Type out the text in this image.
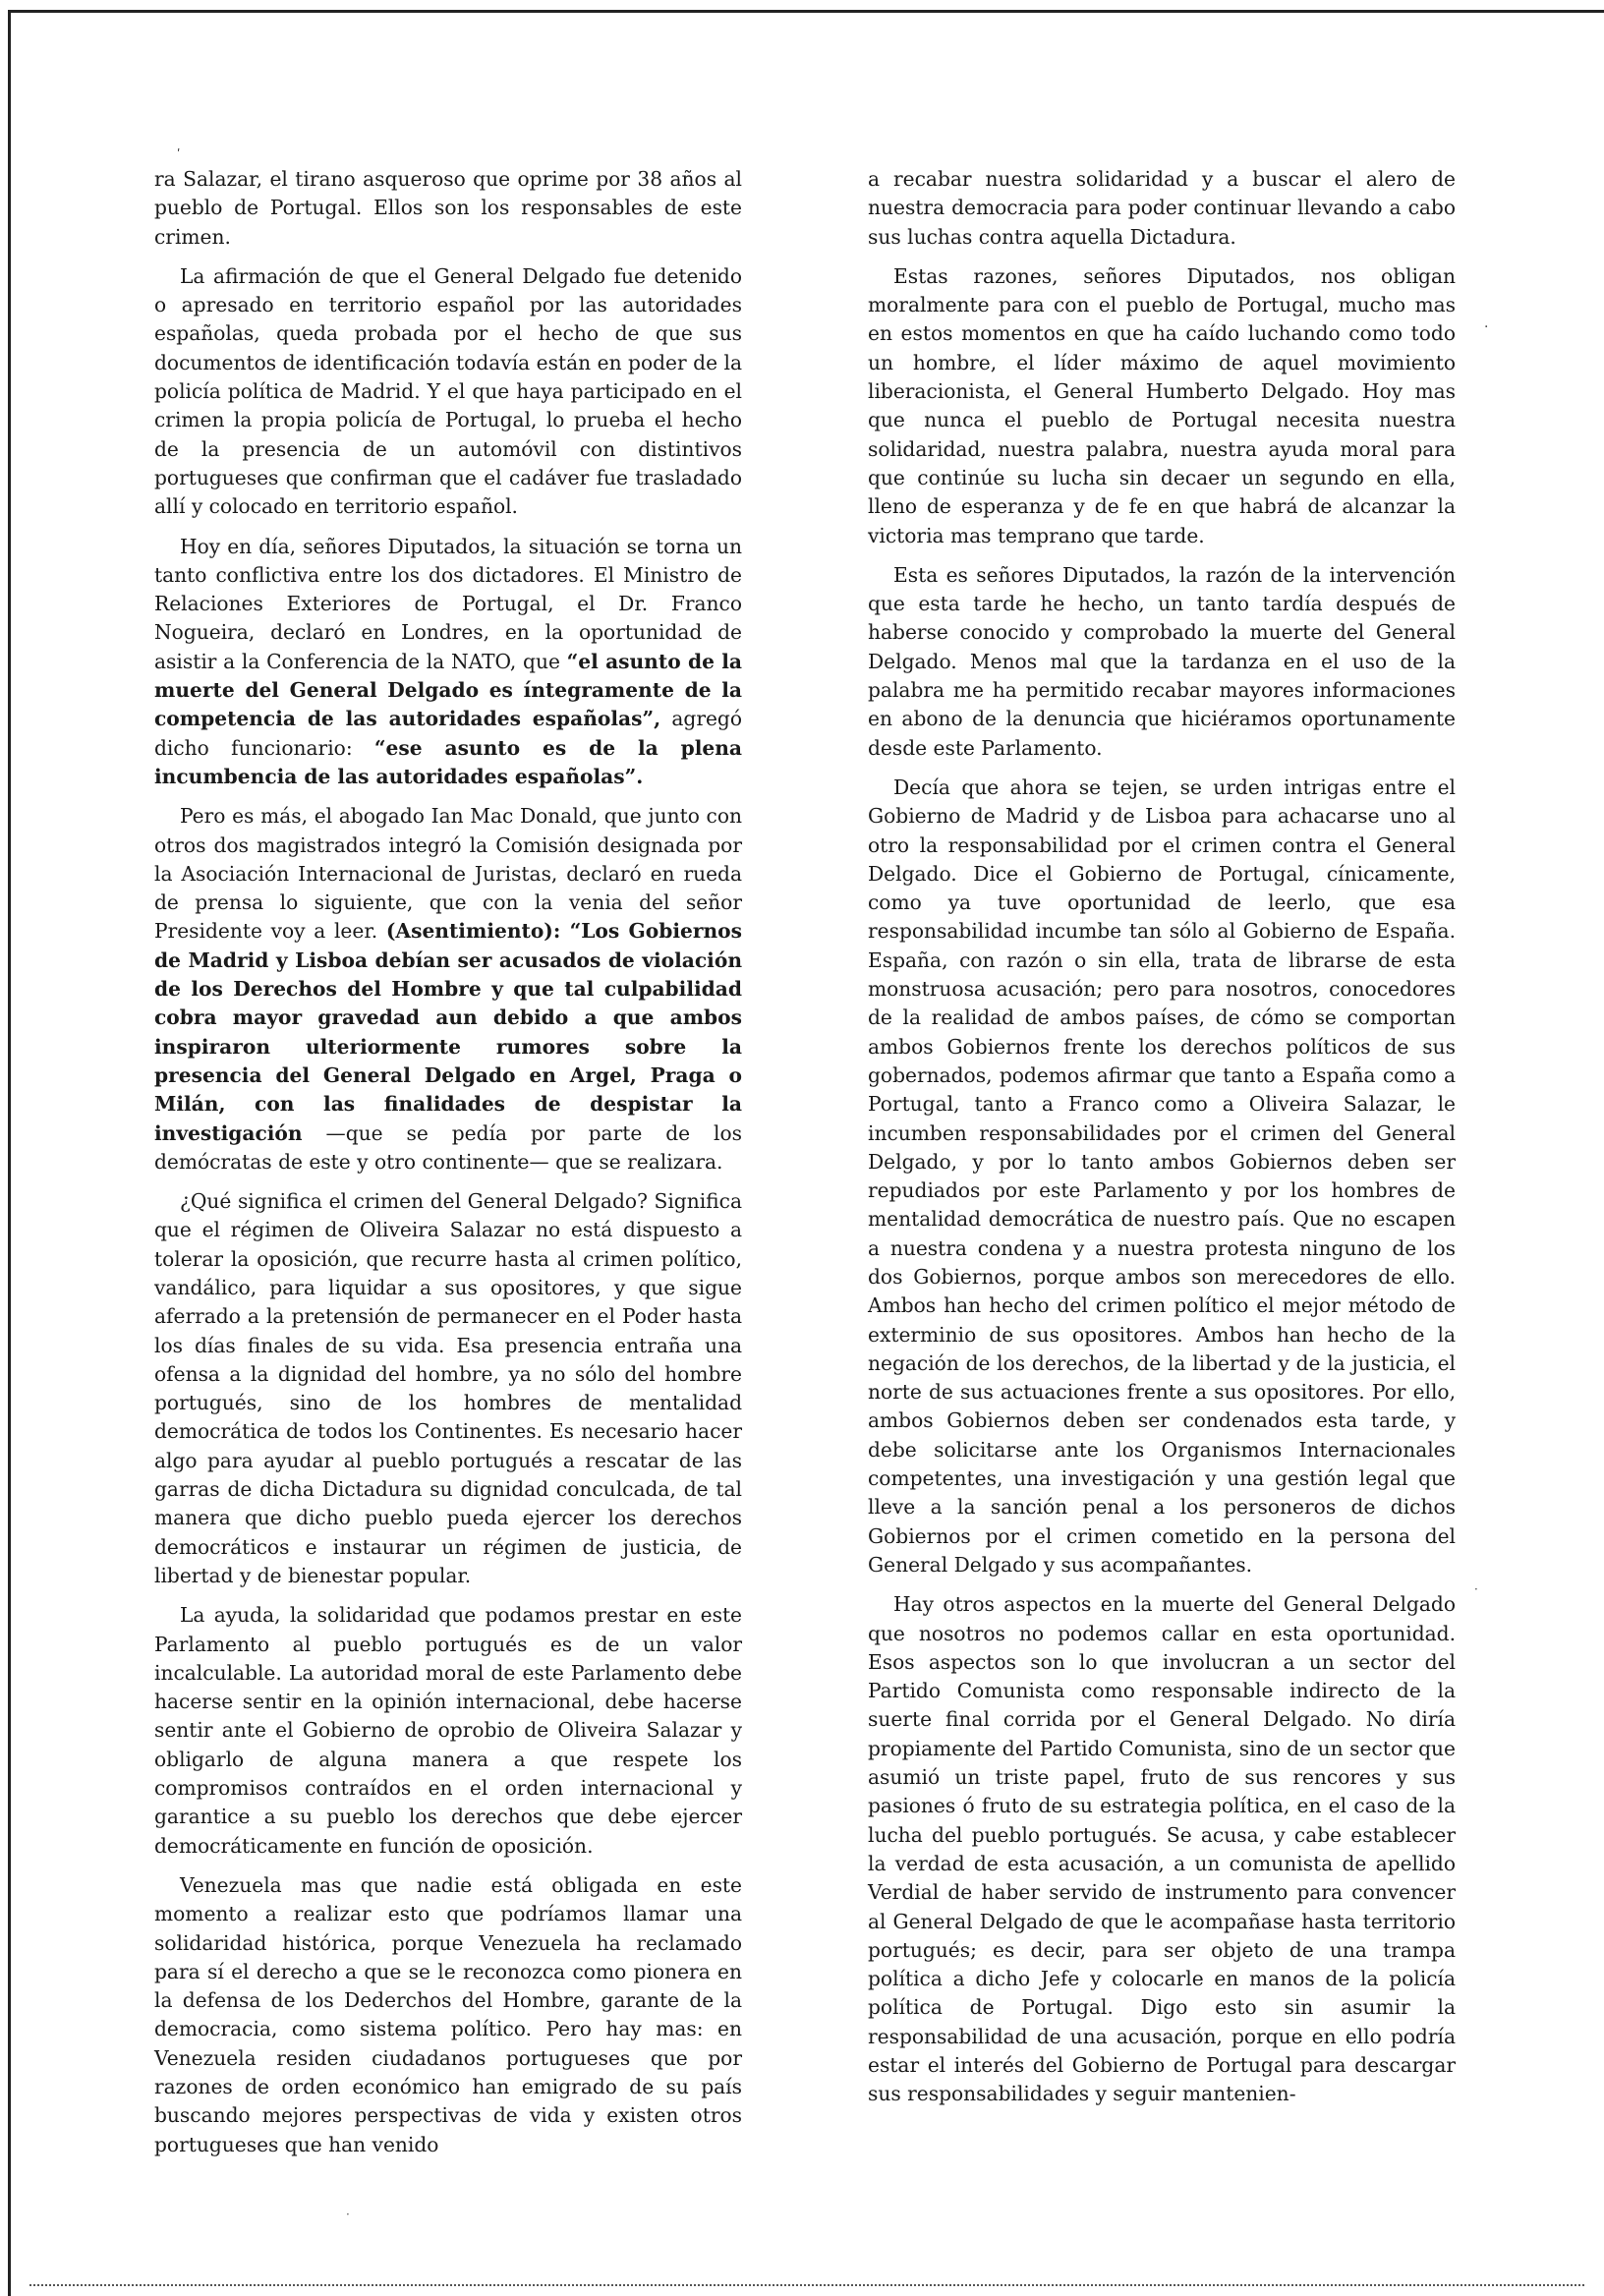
ʹ
·
·
·

ra Salazar, el tirano asqueroso que oprime por 38 años al pueblo de Portugal. Ellos son los responsables de este crimen.

La afirmación de que el General Delgado fue detenido o apresado en territorio español por las autoridades españolas, queda probada por el hecho de que sus documentos de identificación todavía están en poder de la policía política de Madrid. Y el que haya participado en el crimen la propia policía de Portugal, lo prueba el hecho de la presencia de un automóvil con distintivos portugueses que confirman que el cadáver fue trasladado allí y colocado en territorio español.

Hoy en día, señores Diputados, la situación se torna un tanto conflictiva entre los dos dictadores. El Ministro de Relaciones Exteriores de Portugal, el Dr. Franco Nogueira, declaró en Londres, en la oportunidad de asistir a la Conferencia de la NATO, que “el asunto de la muerte del General Delgado es íntegramente de la competencia de las autoridades españolas”, agregó dicho funcionario: “ese asunto es de la plena incumbencia de las autoridades españolas”.

Pero es más, el abogado Ian Mac Donald, que junto con otros dos magistrados integró la Comisión designada por la Asociación Internacional de Juristas, declaró en rueda de prensa lo siguiente, que con la venia del señor Presidente voy a leer. (Asentimiento): “Los Gobiernos de Madrid y Lisboa debían ser acusados de violación de los Derechos del Hombre y que tal culpabilidad cobra mayor gravedad aun debido a que ambos inspiraron ulteriormente rumores sobre la presencia del General Delgado en Argel, Praga o Milán, con las finalidades de despistar la investigación —que se pedía por parte de los demócratas de este y otro continente— que se realizara.

¿Qué significa el crimen del General Delgado? Significa que el régimen de Oliveira Salazar no está dispuesto a tolerar la oposición, que recurre hasta al crimen político, vandálico, para liquidar a sus opositores, y que sigue aferrado a la pretensión de permanecer en el Poder hasta los días finales de su vida. Esa presencia entraña una ofensa a la dignidad del hombre, ya no sólo del hombre portugués, sino de los hombres de mentalidad democrática de todos los Continentes. Es necesario hacer algo para ayudar al pueblo portugués a rescatar de las garras de dicha Dictadura su dignidad conculcada, de tal manera que dicho pueblo pueda ejercer los derechos democráticos e instaurar un régimen de justicia, de libertad y de bienestar popular.

La ayuda, la solidaridad que podamos prestar en este Parlamento al pueblo portugués es de un valor incalculable. La autoridad moral de este Parlamento debe hacerse sentir en la opinión internacional, debe hacerse sentir ante el Gobierno de oprobio de Oliveira Salazar y obligarlo de alguna manera a que respete los compromisos contraídos en el orden internacional y garantice a su pueblo los derechos que debe ejercer democráticamente en función de oposición.

Venezuela mas que nadie está obligada en este momento a realizar esto que podríamos llamar una solidaridad histórica, porque Venezuela ha reclamado para sí el derecho a que se le reconozca como pionera en la defensa de los Dederchos del Hombre, garante de la democracia, como sistema político. Pero hay mas: en Venezuela residen ciudadanos portugueses que por razones de orden económico han emigrado de su país buscando mejores perspectivas de vida y existen otros portugueses que han venido

a recabar nuestra solidaridad y a buscar el alero de nuestra democracia para poder continuar llevando a cabo sus luchas contra aquella Dictadura.

Estas razones, señores Diputados, nos obligan moralmente para con el pueblo de Portugal, mucho mas en estos momentos en que ha caído luchando como todo un hombre, el líder máximo de aquel movimiento liberacionista, el General Humberto Delgado. Hoy mas que nunca el pueblo de Portugal necesita nuestra solidaridad, nuestra palabra, nuestra ayuda moral para que continúe su lucha sin decaer un segundo en ella, lleno de esperanza y de fe en que habrá de alcanzar la victoria mas temprano que tarde.

Esta es señores Diputados, la razón de la intervención que esta tarde he hecho, un tanto tardía después de haberse conocido y comprobado la muerte del General Delgado. Menos mal que la tardanza en el uso de la palabra me ha permitido recabar mayores informaciones en abono de la denuncia que hiciéramos oportunamente desde este Parlamento.

Decía que ahora se tejen, se urden intrigas entre el Gobierno de Madrid y de Lisboa para achacarse uno al otro la responsabilidad por el crimen contra el General Delgado. Dice el Gobierno de Portugal, cínicamente, como ya tuve oportunidad de leerlo, que esa responsabilidad incumbe tan sólo al Gobierno de España. España, con razón o sin ella, trata de librarse de esta monstruosa acusación; pero para nosotros, conocedores de la realidad de ambos países, de cómo se comportan ambos Gobiernos frente los derechos políticos de sus gobernados, podemos afirmar que tanto a España como a Portugal, tanto a Franco como a Oliveira Salazar, le incumben responsabilidades por el crimen del General Delgado, y por lo tanto ambos Gobiernos deben ser repudiados por este Parlamento y por los hombres de mentalidad democrática de nuestro país. Que no escapen a nuestra condena y a nuestra protesta ninguno de los dos Gobiernos, porque ambos son merecedores de ello. Ambos han hecho del crimen político el mejor método de exterminio de sus opositores. Ambos han hecho de la negación de los derechos, de la libertad y de la justicia, el norte de sus actuaciones frente a sus opositores. Por ello, ambos Gobiernos deben ser condenados esta tarde, y debe solicitarse ante los Organismos Internacionales competentes, una investigación y una gestión legal que lleve a la sanción penal a los personeros de dichos Gobiernos por el crimen cometido en la persona del General Delgado y sus acompañantes.

Hay otros aspectos en la muerte del General Delgado que nosotros no podemos callar en esta oportunidad. Esos aspectos son lo que involucran a un sector del Partido Comunista como responsable indirecto de la suerte final corrida por el General Delgado. No diría propiamente del Partido Comunista, sino de un sector que asumió un triste papel, fruto de sus rencores y sus pasiones ó fruto de su estrategia política, en el caso de la lucha del pueblo portugués. Se acusa, y cabe establecer la verdad de esta acusación, a un comunista de apellido Verdial de haber servido de instrumento para convencer al General Delgado de que le acompañase hasta territorio portugués; es decir, para ser objeto de una trampa política a dicho Jefe y colocarle en manos de la policía política de Portugal. Digo esto sin asumir la responsabilidad de una acusación, porque en ello podría estar el interés del Gobierno de Portugal para descargar sus responsabilidades y seguir mantenien-
